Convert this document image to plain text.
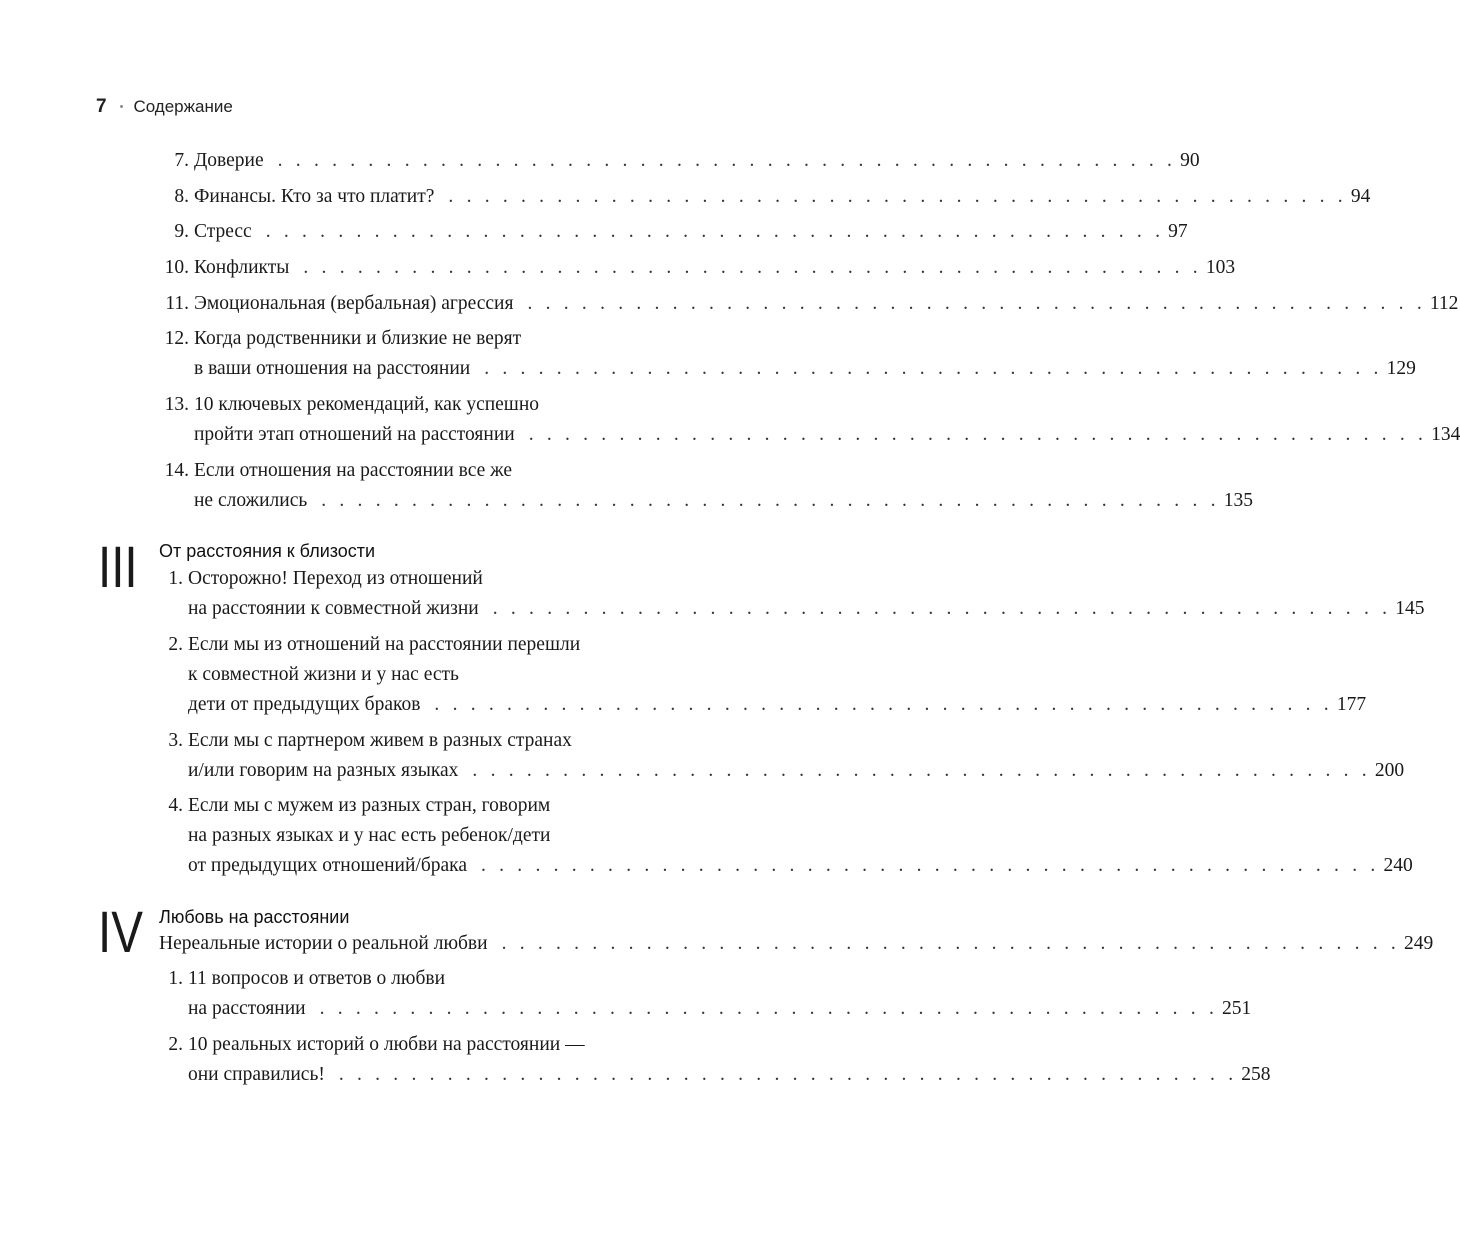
7 • Содержание
7. Доверие . . . . . . . . . . . . . . . . . . . . . . . . . . . . . . . . . . . . . . . . . . . . . . . . . . 90
8. Финансы. Кто за что платит? . . . . . . . . . . . . . . . . . . . . . . . . . . . . . . . . . . . . . . . . . . . . . . . . . . 94
9. Стресс . . . . . . . . . . . . . . . . . . . . . . . . . . . . . . . . . . . . . . . . . . . . . . . . . . 97
10. Конфликты . . . . . . . . . . . . . . . . . . . . . . . . . . . . . . . . . . . . . . . . . . . . . . . . . . 103
11. Эмоциональная (вербальная) агрессия . . . . . . . . . . . . . . . . . . . . . . . . . . . . . . . . . . . . . . . . . . . . . . . . . . 112
12. Когда родственники и близкие не верят
в ваши отношения на расстоянии . . . . . . . . . . . . . . . . . . . . . . . . . . . . . . . . . . . . . . . . . . . . . . . . . . 129
13. 10 ключевых рекомендаций, как успешно
пройти этап отношений на расстоянии . . . . . . . . . . . . . . . . . . . . . . . . . . . . . . . . . . . . . . . . . . . . . . . . . . 134
14. Если отношения на расстоянии все же
не сложились . . . . . . . . . . . . . . . . . . . . . . . . . . . . . . . . . . . . . . . . . . . . . . . . . . 135
III От расстояния к близости
1. Осторожно! Переход из отношений
на расстоянии к совместной жизни . . . . . . . . . . . . . . . . . . . . . . . . . . . . . . . . . . . . . . . . . . . . . . . . . . 145
2. Если мы из отношений на расстоянии перешли
к совместной жизни и у нас есть
дети от предыдущих браков . . . . . . . . . . . . . . . . . . . . . . . . . . . . . . . . . . . . . . . . . . . . . . . . . . 177
3. Если мы с партнером живем в разных странах
и/или говорим на разных языках . . . . . . . . . . . . . . . . . . . . . . . . . . . . . . . . . . . . . . . . . . . . . . . . . . 200
4. Если мы с мужем из разных стран, говорим
на разных языках и у нас есть ребенок/дети
от предыдущих отношений/брака . . . . . . . . . . . . . . . . . . . . . . . . . . . . . . . . . . . . . . . . . . . . . . . . . . 240
IV Любовь на расстоянии
Нереальные истории о реальной любви . . . . . . . . . . . . . . . . . . . . . . . . . . . . . . . . . . . . . . . . . . . . . . . . . . 249
1. 11 вопросов и ответов о любви
на расстоянии . . . . . . . . . . . . . . . . . . . . . . . . . . . . . . . . . . . . . . . . . . . . . . . . . . 251
2. 10 реальных историй о любви на расстоянии —
они справились! . . . . . . . . . . . . . . . . . . . . . . . . . . . . . . . . . . . . . . . . . . . . . . . . . . 258
